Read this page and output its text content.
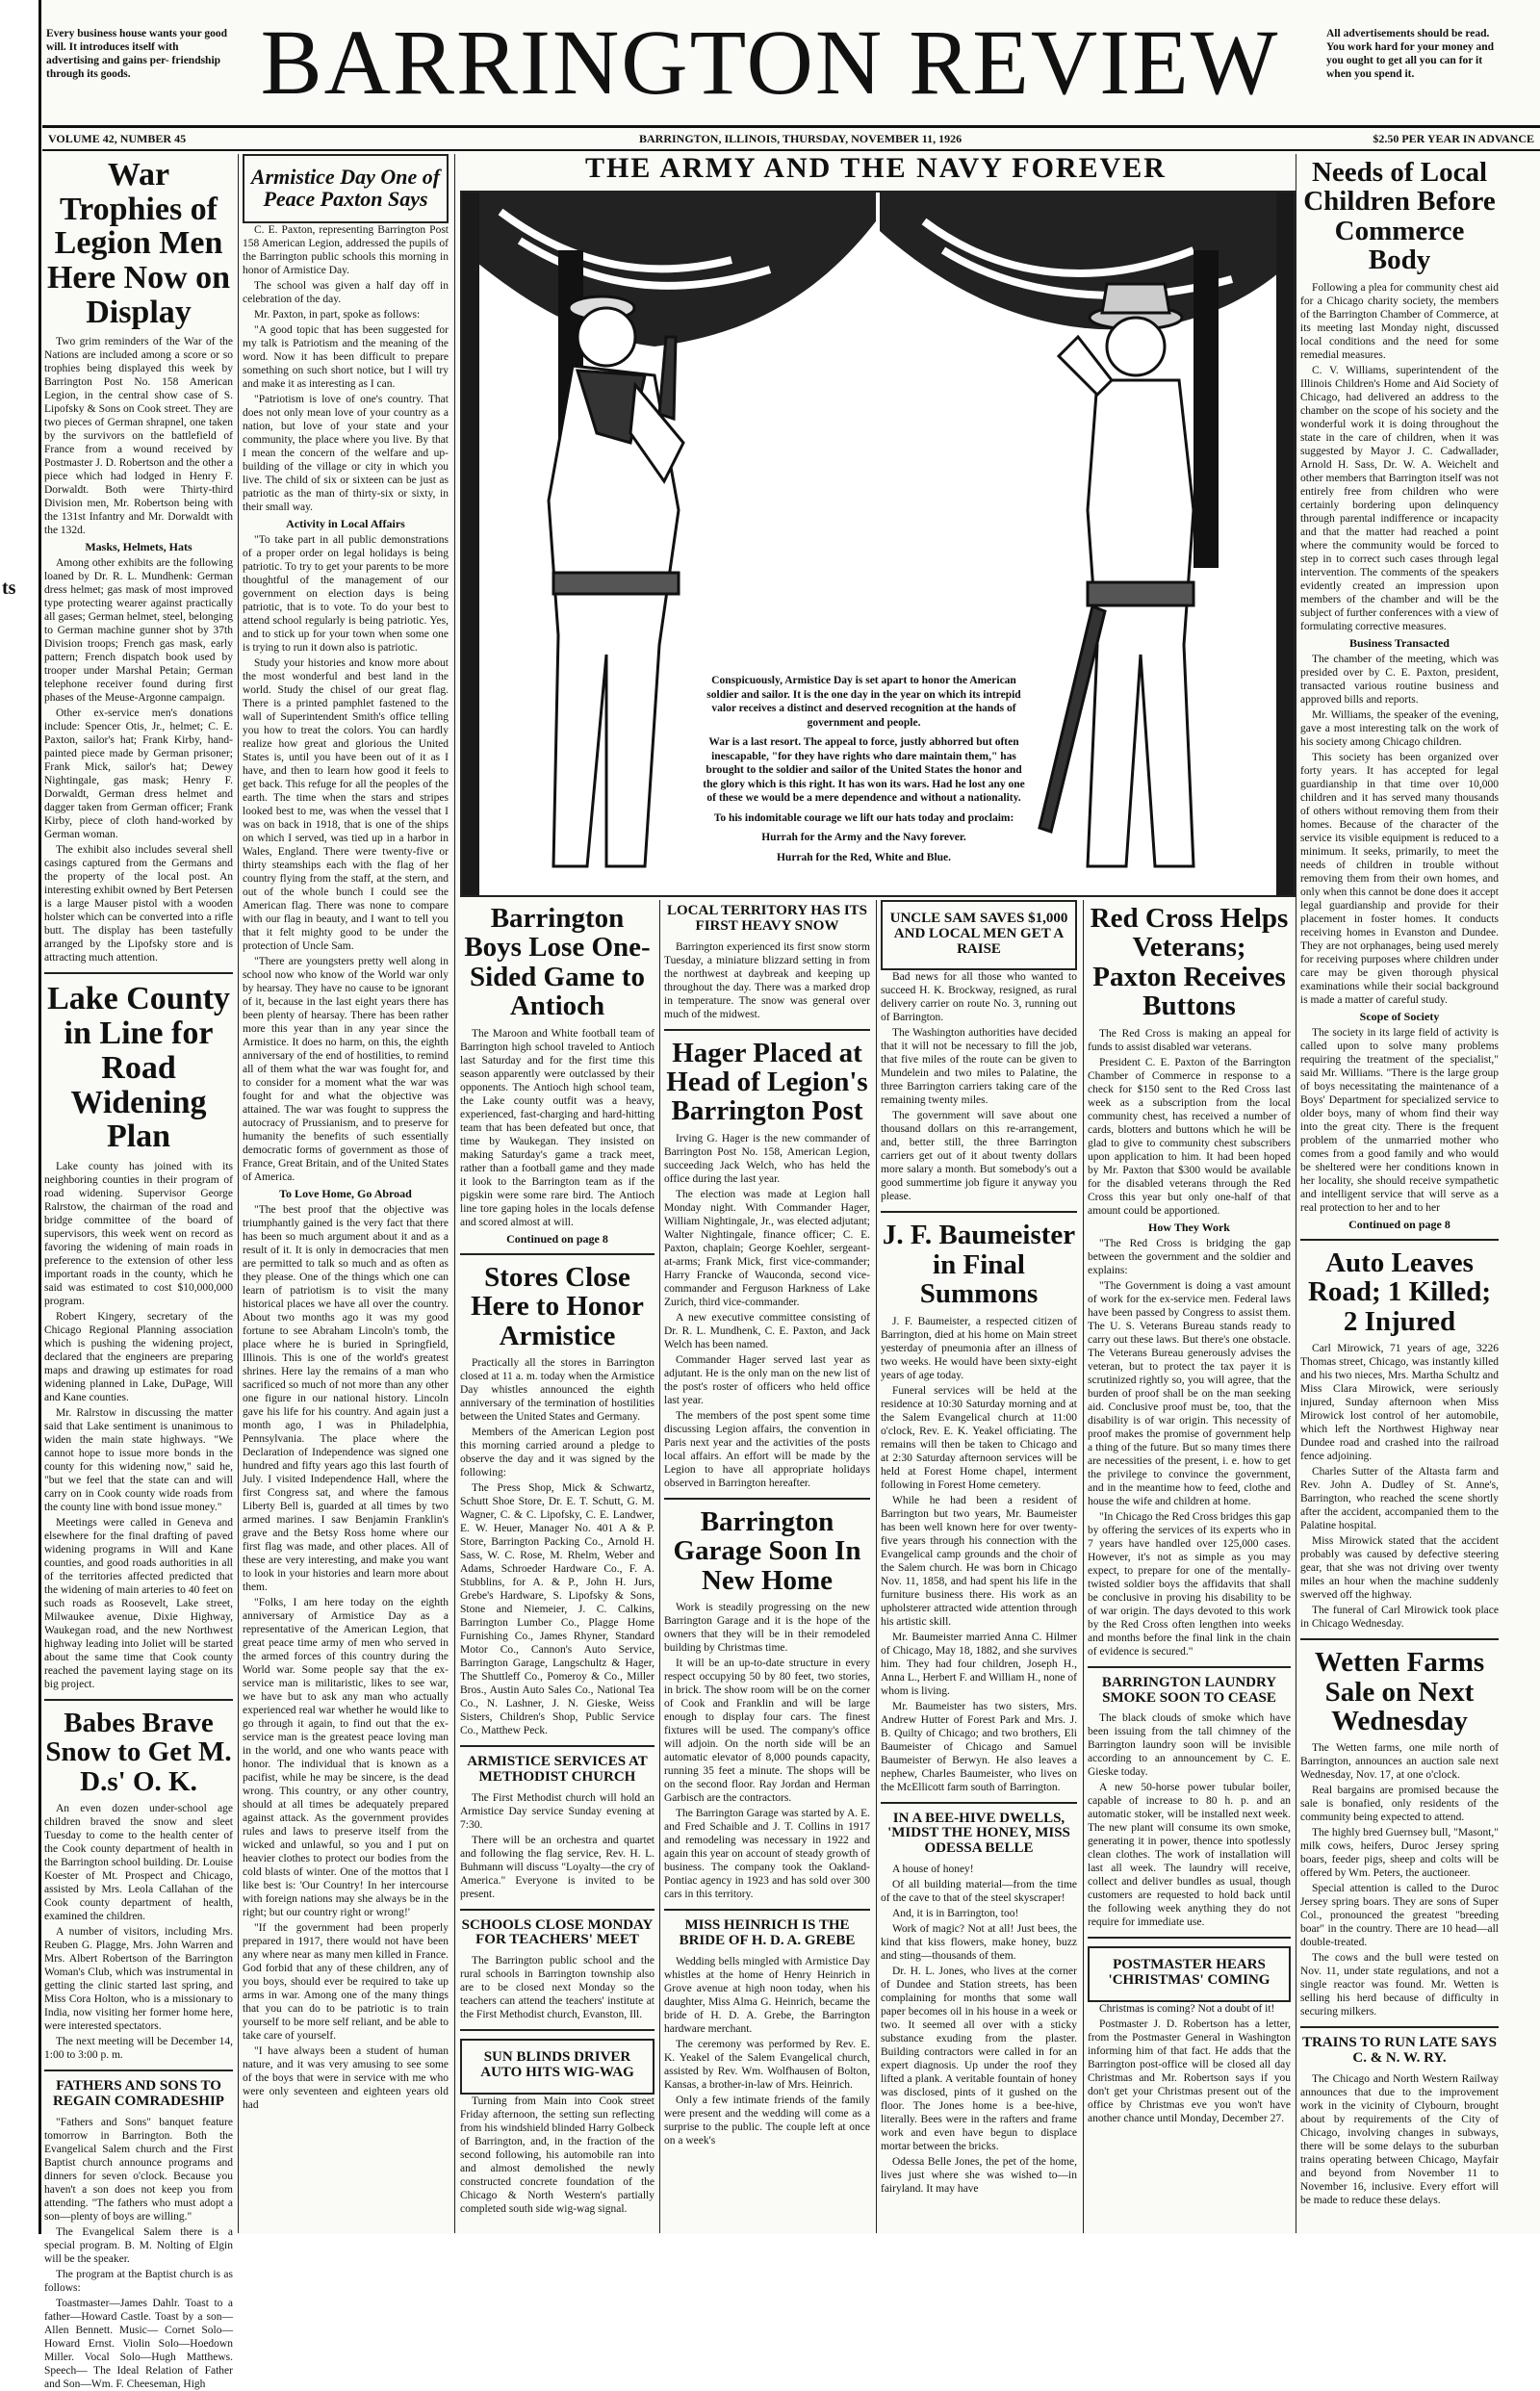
ts
Every business house wants your good will. It introduces itself with advertising and gains per- friendship through its goods.	BARRINGTON REVIEW	All advertisements should be read. You work hard for your money and you ought to get all you can for it when you spend it.
VOLUME 42, NUMBER 45	BARRINGTON, ILLINOIS, THURSDAY, NOVEMBER 11, 1926	$2.50 PER YEAR IN ADVANCE
War Trophies of Legion Men Here Now on Display

Two grim reminders of the War of the Nations are included among a score or so trophies being displayed this week by Barrington Post No. 158 American Legion, in the central show case of S. Lipofsky & Sons on Cook street. They are two pieces of German shrapnel, one taken by the survivors on the battlefield of France from a wound received by Postmaster J. D. Robertson and the other a piece which had lodged in Henry F. Dorwaldt. Both were Thirty-third Division men, Mr. Robertson being with the 131st Infantry and Mr. Dorwaldt with the 132d.

Masks, Helmets, Hats

Among other exhibits are the following loaned by Dr. R. L. Mundhenk: German dress helmet; gas mask of most improved type protecting wearer against practically all gases; German helmet, steel, belonging to German machine gunner shot by 37th Division troops; French gas mask, early pattern; French dispatch book used by trooper under Marshal Petain; German telephone receiver found during first phases of the Meuse-Argonne campaign.

Other ex-service men's donations include: Spencer Otis, Jr., helmet; C. E. Paxton, sailor's hat; Frank Kirby, hand-painted piece made by German prisoner; Frank Mick, sailor's hat; Dewey Nightingale, gas mask; Henry F. Dorwaldt, German dress helmet and dagger taken from German officer; Frank Kirby, piece of cloth hand-worked by German woman.

The exhibit also includes several shell casings captured from the Germans and the property of the local post. An interesting exhibit owned by Bert Petersen is a large Mauser pistol with a wooden holster which can be converted into a rifle butt. The display has been tastefully arranged by the Lipofsky store and is attracting much attention.

Lake County in Line for Road Widening Plan

Lake county has joined with its neighboring counties in their program of road widening. Supervisor George Ralrstow, the chairman of the road and bridge committee of the board of supervisors, this week went on record as favoring the widening of main roads in preference to the extension of other less important roads in the county, which he said was estimated to cost $10,000,000 program.

Robert Kingery, secretary of the Chicago Regional Planning association which is pushing the widening project, declared that the engineers are preparing maps and drawing up estimates for road widening planned in Lake, DuPage, Will and Kane counties.

Mr. Ralrstow in discussing the matter said that Lake sentiment is unanimous to widen the main state highways. "We cannot hope to issue more bonds in the county for this widening now," said he, "but we feel that the state can and will carry on in Cook county wide roads from the county line with bond issue money."

Meetings were called in Geneva and elsewhere for the final drafting of paved widening programs in Will and Kane counties, and good roads authorities in all of the territories affected predicted that the widening of main arteries to 40 feet on such roads as Roosevelt, Lake street, Milwaukee avenue, Dixie Highway, Waukegan road, and the new Northwest highway leading into Joliet will be started about the same time that Cook county reached the pavement laying stage on its big project.

Babes Brave Snow to Get M. D.s' O. K.

An even dozen under-school age children braved the snow and sleet Tuesday to come to the health center of the Cook county department of health in the Barrington school building. Dr. Louise Koester of Mt. Prospect and Chicago, assisted by Mrs. Leola Callahan of the Cook county department of health, examined the children.

A number of visitors, including Mrs. Reuben G. Plagge, Mrs. John Warren and Mrs. Albert Robertson of the Barrington Woman's Club, which was instrumental in getting the clinic started last spring, and Miss Cora Holton, who is a missionary to India, now visiting her former home here, were interested spectators.

The next meeting will be December 14, 1:00 to 3:00 p. m.

FATHERS AND SONS TO REGAIN COMRADESHIP

"Fathers and Sons" banquet feature tomorrow in Barrington. Both the Evangelical Salem church and the First Baptist church announce programs and dinners for seven o'clock. Because you haven't a son does not keep you from attending. "The fathers who must adopt a son—plenty of boys are willing."

The Evangelical Salem there is a special program. B. M. Nolting of Elgin will be the speaker.

The program at the Baptist church is as follows:

Toastmaster—James Dahlr. Toast to a father—Howard Castle. Toast by a son—Allen Bennett. Music— Cornet Solo—Howard Ernst. Violin Solo—Hoedown Miller. Vocal Solo—Hugh Matthews. Speech— The Ideal Relation of Father and Son—Wm. F. Cheeseman, High

Armistice Day One of Peace Paxton Says

C. E. Paxton, representing Barrington Post 158 American Legion, addressed the pupils of the Barrington public schools this morning in honor of Armistice Day.

The school was given a half day off in celebration of the day.

Mr. Paxton, in part, spoke as follows:

"A good topic that has been suggested for my talk is Patriotism and the meaning of the word. Now it has been difficult to prepare something on such short notice, but I will try and make it as interesting as I can.

"Patriotism is love of one's country. That does not only mean love of your country as a nation, but love of your state and your community, the place where you live. By that I mean the concern of the welfare and up-building of the village or city in which you live. The child of six or sixteen can be just as patriotic as the man of thirty-six or sixty, in their small way.

Activity in Local Affairs

"To take part in all public demonstrations of a proper order on legal holidays is being patriotic. To try to get your parents to be more thoughtful of the management of our government on election days is being patriotic, that is to vote. To do your best to attend school regularly is being patriotic. Yes, and to stick up for your town when some one is trying to run it down also is patriotic.

Study your histories and know more about the most wonderful and best land in the world. Study the chisel of our great flag. There is a printed pamphlet fastened to the wall of Superintendent Smith's office telling you how to treat the colors. You can hardly realize how great and glorious the United States is, until you have been out of it as I have, and then to learn how good it feels to get back. This refuge for all the peoples of the earth. The time when the stars and stripes looked best to me, was when the vessel that I was on back in 1918, that is one of the ships on which I served, was tied up in a harbor in Wales, England. There were twenty-five or thirty steamships each with the flag of her country flying from the staff, at the stern, and out of the whole bunch I could see the American flag. There was none to compare with our flag in beauty, and I want to tell you that it felt mighty good to be under the protection of Uncle Sam.

"There are youngsters pretty well along in school now who know of the World war only by hearsay. They have no cause to be ignorant of it, because in the last eight years there has been plenty of hearsay. There has been rather more this year than in any year since the Armistice. It does no harm, on this, the eighth anniversary of the end of hostilities, to remind all of them what the war was fought for, and to consider for a moment what the war was fought for and what the objective was attained. The war was fought to suppress the autocracy of Prussianism, and to preserve for humanity the benefits of such essentially democratic forms of government as those of France, Great Britain, and of the United States of America.

To Love Home, Go Abroad

"The best proof that the objective was triumphantly gained is the very fact that there has been so much argument about it and as a result of it. It is only in democracies that men are permitted to talk so much and as often as they please. One of the things which one can learn of patriotism is to visit the many historical places we have all over the country. About two months ago it was my good fortune to see Abraham Lincoln's tomb, the place where he is buried in Springfield, Illinois. This is one of the world's greatest shrines. Here lay the remains of a man who sacrificed so much of not more than any other one figure in our national history. Lincoln gave his life for his country. And again just a month ago, I was in Philadelphia, Pennsylvania. The place where the Declaration of Independence was signed one hundred and fifty years ago this last fourth of July. I visited Independence Hall, where the first Congress sat, and where the famous Liberty Bell is, guarded at all times by two armed marines. I saw Benjamin Franklin's grave and the Betsy Ross home where our first flag was made, and other places. All of these are very interesting, and make you want to look in your histories and learn more about them.

"Folks, I am here today on the eighth anniversary of Armistice Day as a representative of the American Legion, that great peace time army of men who served in the armed forces of this country during the World war. Some people say that the ex-service man is militaristic, likes to see war, we have but to ask any man who actually experienced real war whether he would like to go through it again, to find out that the ex-service man is the greatest peace loving man in the world, and one who wants peace with honor. The individual that is known as a pacifist, while he may be sincere, is the dead wrong. This country, or any other country, should at all times be adequately prepared against attack. As the government provides rules and laws to preserve itself from the wicked and unlawful, so you and I put on heavier clothes to protect our bodies from the cold blasts of winter. One of the mottos that I like best is: 'Our Country! In her intercourse with foreign nations may she always be in the right; but our country right or wrong!'

"If the government had been properly prepared in 1917, there would not have been any where near as many men killed in France. God forbid that any of these children, any of you boys, should ever be required to take up arms in war. Among one of the many things that you can do to be patriotic is to train yourself to be more self reliant, and be able to take care of yourself.

"I have always been a student of human nature, and it was very amusing to see some of the boys that were in service with me who were only seventeen and eighteen years old had

THE ARMY AND THE NAVY FOREVER

Conspicuously, Armistice Day is set apart to honor the American soldier and sailor. It is the one day in the year on which its intrepid valor receives a distinct and deserved recognition at the hands of government and people.

War is a last resort. The appeal to force, justly abhorred but often inescapable, "for they have rights who dare maintain them," has brought to the soldier and sailor of the United States the honor and the glory which is this right. It has won its wars. Had he lost any one of these we would be a mere dependence and without a nationality.

To his indomitable courage we lift our hats today and proclaim:

Hurrah for the Army and the Navy forever.

Hurrah for the Red, White and Blue.

Barrington Boys Lose One-Sided Game to Antioch

The Maroon and White football team of Barrington high school traveled to Antioch last Saturday and for the first time this season apparently were outclassed by their opponents. The Antioch high school team, the Lake county outfit was a heavy, experienced, fast-charging and hard-hitting team that has been defeated but once, that time by Waukegan. They insisted on making Saturday's game a track meet, rather than a football game and they made it look to the Barrington team as if the pigskin were some rare bird. The Antioch line tore gaping holes in the locals defense and scored almost at will.

Continued on page 8
Stores Close Here to Honor Armistice

Practically all the stores in Barrington closed at 11 a. m. today when the Armistice Day whistles announced the eighth anniversary of the termination of hostilities between the United States and Germany.

Members of the American Legion post this morning carried around a pledge to observe the day and it was signed by the following:

The Press Shop, Mick & Schwartz, Schutt Shoe Store, Dr. E. T. Schutt, G. M. Wagner, C. & C. Lipofsky, C. E. Landwer, E. W. Heuer, Manager No. 401 A & P. Store, Barrington Packing Co., Arnold H. Sass, W. C. Rose, M. Rhelm, Weber and Adams, Schroeder Hardware Co., F. A. Stubblins, for A. & P., John H. Jurs, Grebe's Hardware, S. Lipofsky & Sons, Stone and Niemeier, J. C. Calkins, Barrington Lumber Co., Plagge Home Furnishing Co., James Rhyner, Standard Motor Co., Cannon's Auto Service, Barrington Garage, Langschultz & Hager, The Shuttleff Co., Pomeroy & Co., Miller Bros., Austin Auto Sales Co., National Tea Co., N. Lashner, J. N. Gieske, Weiss Sisters, Children's Shop, Public Service Co., Matthew Peck.

ARMISTICE SERVICES AT METHODIST CHURCH

The First Methodist church will hold an Armistice Day service Sunday evening at 7:30.

There will be an orchestra and quartet and following the flag service, Rev. H. L. Buhmann will discuss "Loyalty—the cry of America." Everyone is invited to be present.

SCHOOLS CLOSE MONDAY FOR TEACHERS' MEET

The Barrington public school and the rural schools in Barrington township also are to be closed next Monday so the teachers can attend the teachers' institute at the First Methodist church, Evanston, Ill.

SUN BLINDS DRIVER AUTO HITS WIG-WAG

Turning from Main into Cook street Friday afternoon, the setting sun reflecting from his windshield blinded Harry Golbeck of Barrington, and, in the fraction of the second following, his automobile ran into and almost demolished the newly constructed concrete foundation of the Chicago & North Western's partially completed south side wig-wag signal.

LOCAL TERRITORY HAS ITS FIRST HEAVY SNOW

Barrington experienced its first snow storm Tuesday, a miniature blizzard setting in from the northwest at daybreak and keeping up throughout the day. There was a marked drop in temperature. The snow was general over much of the midwest.

Hager Placed at Head of Legion's Barrington Post

Irving G. Hager is the new commander of Barrington Post No. 158, American Legion, succeeding Jack Welch, who has held the office during the last year.

The election was made at Legion hall Monday night. With Commander Hager, William Nightingale, Jr., was elected adjutant; Walter Nightingale, finance officer; C. E. Paxton, chaplain; George Koehler, sergeant-at-arms; Frank Mick, first vice-commander; Harry Francke of Wauconda, second vice-commander and Ferguson Harkness of Lake Zurich, third vice-commander.

A new executive committee consisting of Dr. R. L. Mundhenk, C. E. Paxton, and Jack Welch has been named.

Commander Hager served last year as adjutant. He is the only man on the new list of the post's roster of officers who held office last year.

The members of the post spent some time discussing Legion affairs, the convention in Paris next year and the activities of the posts local affairs. An effort will be made by the Legion to have all appropriate holidays observed in Barrington hereafter.

Barrington Garage Soon In New Home

Work is steadily progressing on the new Barrington Garage and it is the hope of the owners that they will be in their remodeled building by Christmas time.

It will be an up-to-date structure in every respect occupying 50 by 80 feet, two stories, in brick. The show room will be on the corner of Cook and Franklin and will be large enough to display four cars. The finest fixtures will be used. The company's office will adjoin. On the north side will be an automatic elevator of 8,000 pounds capacity, running 35 feet a minute. The shops will be on the second floor. Ray Jordan and Herman Garbisch are the contractors.

The Barrington Garage was started by A. E. and Fred Schaible and J. T. Collins in 1917 and remodeling was necessary in 1922 and again this year on account of steady growth of business. The company took the Oakland-Pontiac agency in 1923 and has sold over 300 cars in this territory.

MISS HEINRICH IS THE BRIDE OF H. D. A. GREBE

Wedding bells mingled with Armistice Day whistles at the home of Henry Heinrich in Grove avenue at high noon today, when his daughter, Miss Alma G. Heinrich, became the bride of H. D. A. Grebe, the Barrington hardware merchant.

The ceremony was performed by Rev. E. K. Yeakel of the Salem Evangelical church, assisted by Rev. Wm. Wolfhausen of Bolton, Kansas, a brother-in-law of Mrs. Heinrich.

Only a few intimate friends of the family were present and the wedding will come as a surprise to the public. The couple left at once on a week's

UNCLE SAM SAVES $1,000 AND LOCAL MEN GET A RAISE

Bad news for all those who wanted to succeed H. K. Brockway, resigned, as rural delivery carrier on route No. 3, running out of Barrington.

The Washington authorities have decided that it will not be necessary to fill the job, that five miles of the route can be given to Mundelein and two miles to Palatine, the three Barrington carriers taking care of the remaining twenty miles.

The government will save about one thousand dollars on this re-arrangement, and, better still, the three Barrington carriers get out of it about twenty dollars more salary a month. But somebody's out a good summertime job figure it anyway you please.

J. F. Baumeister in Final Summons

J. F. Baumeister, a respected citizen of Barrington, died at his home on Main street yesterday of pneumonia after an illness of two weeks. He would have been sixty-eight years of age today.

Funeral services will be held at the residence at 10:30 Saturday morning and at the Salem Evangelical church at 11:00 o'clock, Rev. E. K. Yeakel officiating. The remains will then be taken to Chicago and at 2:30 Saturday afternoon services will be held at Forest Home chapel, interment following in Forest Home cemetery.

While he had been a resident of Barrington but two years, Mr. Baumeister has been well known here for over twenty-five years through his connection with the Evangelical camp grounds and the choir of the Salem church. He was born in Chicago Nov. 11, 1858, and had spent his life in the furniture business there. His work as an upholsterer attracted wide attention through his artistic skill.

Mr. Baumeister married Anna C. Hilmer of Chicago, May 18, 1882, and she survives him. They had four children, Joseph H., Anna L., Herbert F. and William H., none of whom is living.

Mr. Baumeister has two sisters, Mrs. Andrew Hutter of Forest Park and Mrs. J. B. Quilty of Chicago; and two brothers, Eli Baumeister of Chicago and Samuel Baumeister of Berwyn. He also leaves a nephew, Charles Baumeister, who lives on the McEllicott farm south of Barrington.

IN A BEE-HIVE DWELLS, 'MIDST THE HONEY, MISS ODESSA BELLE

A house of honey!

Of all building material—from the time of the cave to that of the steel skyscraper!

And, it is in Barrington, too!

Work of magic? Not at all! Just bees, the kind that kiss flowers, make honey, buzz and sting—thousands of them.

Dr. H. L. Jones, who lives at the corner of Dundee and Station streets, has been complaining for months that some wall paper becomes oil in his house in a week or two. It seemed all over with a sticky substance exuding from the plaster. Building contractors were called in for an expert diagnosis. Up under the roof they lifted a plank. A veritable fountain of honey was disclosed, pints of it gushed on the floor. The Jones home is a bee-hive, literally. Bees were in the rafters and frame work and even have begun to displace mortar between the bricks.

Odessa Belle Jones, the pet of the home, lives just where she was wished to—in fairyland. It may have

Red Cross Helps Veterans; Paxton Receives Buttons

The Red Cross is making an appeal for funds to assist disabled war veterans.

President C. E. Paxton of the Barrington Chamber of Commerce in response to a check for $150 sent to the Red Cross last week as a subscription from the local community chest, has received a number of cards, blotters and buttons which he will be glad to give to community chest subscribers upon application to him. It had been hoped by Mr. Paxton that $300 would be available for the disabled veterans through the Red Cross this year but only one-half of that amount could be apportioned.

How They Work

"The Red Cross is bridging the gap between the government and the soldier and explains:

"The Government is doing a vast amount of work for the ex-service men. Federal laws have been passed by Congress to assist them. The U. S. Veterans Bureau stands ready to carry out these laws. But there's one obstacle. The Veterans Bureau generously advises the veteran, but to protect the tax payer it is scrutinized rightly so, you will agree, that the burden of proof shall be on the man seeking aid. Conclusive proof must be, too, that the disability is of war origin. This necessity of proof makes the promise of government help a thing of the future. But so many times there are necessities of the present, i. e. how to get the privilege to convince the government, and in the meantime how to feed, clothe and house the wife and children at home.

"In Chicago the Red Cross bridges this gap by offering the services of its experts who in 7 years have handled over 125,000 cases. However, it's not as simple as you may expect, to prepare for one of the mentally-twisted soldier boys the affidavits that shall be conclusive in proving his disability to be of war origin. The days devoted to this work by the Red Cross often lengthen into weeks and months before the final link in the chain of evidence is secured."

BARRINGTON LAUNDRY SMOKE SOON TO CEASE

The black clouds of smoke which have been issuing from the tall chimney of the Barrington laundry soon will be invisible according to an announcement by C. E. Gieske today.

A new 50-horse power tubular boiler, capable of increase to 80 h. p. and an automatic stoker, will be installed next week. The new plant will consume its own smoke, generating it in power, thence into spotlessly clean clothes. The work of installation will last all week. The laundry will receive, collect and deliver bundles as usual, though customers are requested to hold back until the following week anything they do not require for immediate use.

POSTMASTER HEARS 'CHRISTMAS' COMING

Christmas is coming? Not a doubt of it!

Postmaster J. D. Robertson has a letter, from the Postmaster General in Washington informing him of that fact. He adds that the Barrington post-office will be closed all day Christmas and Mr. Robertson says if you don't get your Christmas present out of the office by Christmas eve you won't have another chance until Monday, December 27.

Needs of Local Children Before Commerce Body

Following a plea for community chest aid for a Chicago charity society, the members of the Barrington Chamber of Commerce, at its meeting last Monday night, discussed local conditions and the need for some remedial measures.

C. V. Williams, superintendent of the Illinois Children's Home and Aid Society of Chicago, had delivered an address to the chamber on the scope of his society and the wonderful work it is doing throughout the state in the care of children, when it was suggested by Mayor J. C. Cadwallader, Arnold H. Sass, Dr. W. A. Weichelt and other members that Barrington itself was not entirely free from children who were certainly bordering upon delinquency through parental indifference or incapacity and that the matter had reached a point where the community would be forced to step in to correct such cases through legal intervention. The comments of the speakers evidently created an impression upon members of the chamber and will be the subject of further conferences with a view of formulating corrective measures.

Business Transacted

The chamber of the meeting, which was presided over by C. E. Paxton, president, transacted various routine business and approved bills and reports.

Mr. Williams, the speaker of the evening, gave a most interesting talk on the work of his society among Chicago children.

This society has been organized over forty years. It has accepted for legal guardianship in that time over 10,000 children and it has served many thousands of others without removing them from their homes. Because of the character of the service its visible equipment is reduced to a minimum. It seeks, primarily, to meet the needs of children in trouble without removing them from their own homes, and only when this cannot be done does it accept legal guardianship and provide for their placement in foster homes. It conducts receiving homes in Evanston and Dundee. They are not orphanages, being used merely for receiving purposes where children under care may be given thorough physical examinations while their social background is made a matter of careful study.

Scope of Society

The society in its large field of activity is called upon to solve many problems requiring the treatment of the specialist," said Mr. Williams. "There is the large group of boys necessitating the maintenance of a Boys' Department for specialized service to older boys, many of whom find their way into the great city. There is the frequent problem of the unmarried mother who comes from a good family and who would be sheltered were her conditions known in her locality, she should receive sympathetic and intelligent service that will serve as a real protection to her and to her

Continued on page 8
Auto Leaves Road; 1 Killed; 2 Injured

Carl Mirowick, 71 years of age, 3226 Thomas street, Chicago, was instantly killed and his two nieces, Mrs. Martha Schultz and Miss Clara Mirowick, were seriously injured, Sunday afternoon when Miss Mirowick lost control of her automobile, which left the Northwest Highway near Dundee road and crashed into the railroad fence adjoining.

Charles Sutter of the Altasta farm and Rev. John A. Dudley of St. Anne's, Barrington, who reached the scene shortly after the accident, accompanied them to the Palatine hospital.

Miss Mirowick stated that the accident probably was caused by defective steering gear, that she was not driving over twenty miles an hour when the machine suddenly swerved off the highway.

The funeral of Carl Mirowick took place in Chicago Wednesday.

Wetten Farms Sale on Next Wednesday

The Wetten farms, one mile north of Barrington, announces an auction sale next Wednesday, Nov. 17, at one o'clock.

Real bargains are promised because the sale is bonafied, only residents of the community being expected to attend.

The highly bred Guernsey bull, "Masont," milk cows, heifers, Duroc Jersey spring boars, feeder pigs, sheep and colts will be offered by Wm. Peters, the auctioneer.

Special attention is called to the Duroc Jersey spring boars. They are sons of Super Col., pronounced the greatest "breeding boar" in the country. There are 10 head—all double-treated.

The cows and the bull were tested on Nov. 11, under state regulations, and not a single reactor was found. Mr. Wetten is selling his herd because of difficulty in securing milkers.

TRAINS TO RUN LATE SAYS C. & N. W. RY.

The Chicago and North Western Railway announces that due to the improvement work in the vicinity of Clybourn, brought about by requirements of the City of Chicago, involving changes in subways, there will be some delays to the suburban trains operating between Chicago, Mayfair and beyond from November 11 to November 16, inclusive. Every effort will be made to reduce these delays.
